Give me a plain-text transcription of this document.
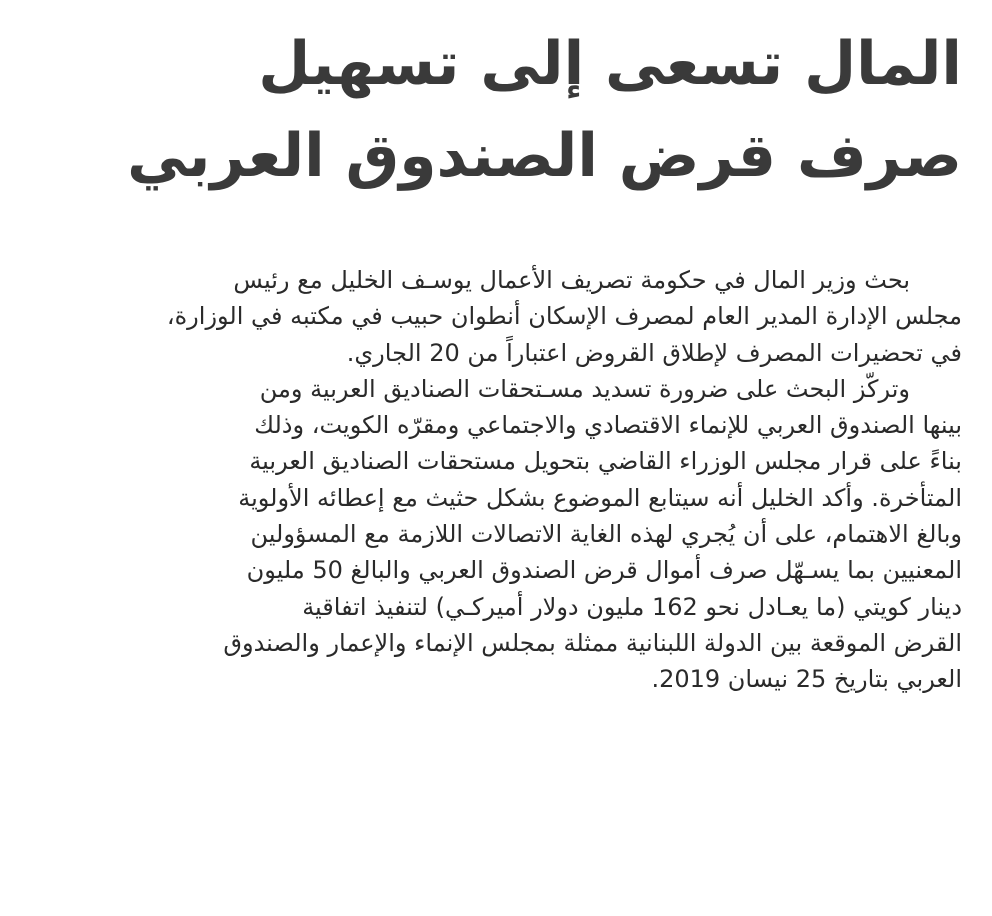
المال تسعى إلى تسهيل
صرف قرض الصندوق العربي
بحث وزير المال في حكومة تصريف الأعمال يوسـف الخليل مع رئيس
مجلس الإدارة المدير العام لمصرف الإسكان أنطوان حبيب في مكتبه في الوزارة،
في تحضيرات المصرف لإطلاق القروض اعتباراً من 20 الجاري.
وتركّز البحث على ضرورة تسديد مسـتحقات الصناديق العربية ومن
بينها الصندوق العربي للإنماء الاقتصادي والاجتماعي ومقرّه الكويت، وذلك
بناءً على قرار مجلس الوزراء القاضي بتحويل مستحقات الصناديق العربية
المتأخرة. وأكد الخليل أنه سيتابع الموضوع بشكل حثيث مع إعطائه الأولوية
وبالغ الاهتمام، على أن يُجري لهذه الغاية الاتصالات اللازمة مع المسؤولين
المعنيين بما يسـهّل صرف أموال قرض الصندوق العربي والبالغ 50 مليون
دينار كويتي (ما يعـادل نحو 162 مليون دولار أميركـي) لتنفيذ اتفاقية
القرض الموقعة بين الدولة اللبنانية ممثلة بمجلس الإنماء والإعمار والصندوق
العربي بتاريخ 25 نيسان 2019.
